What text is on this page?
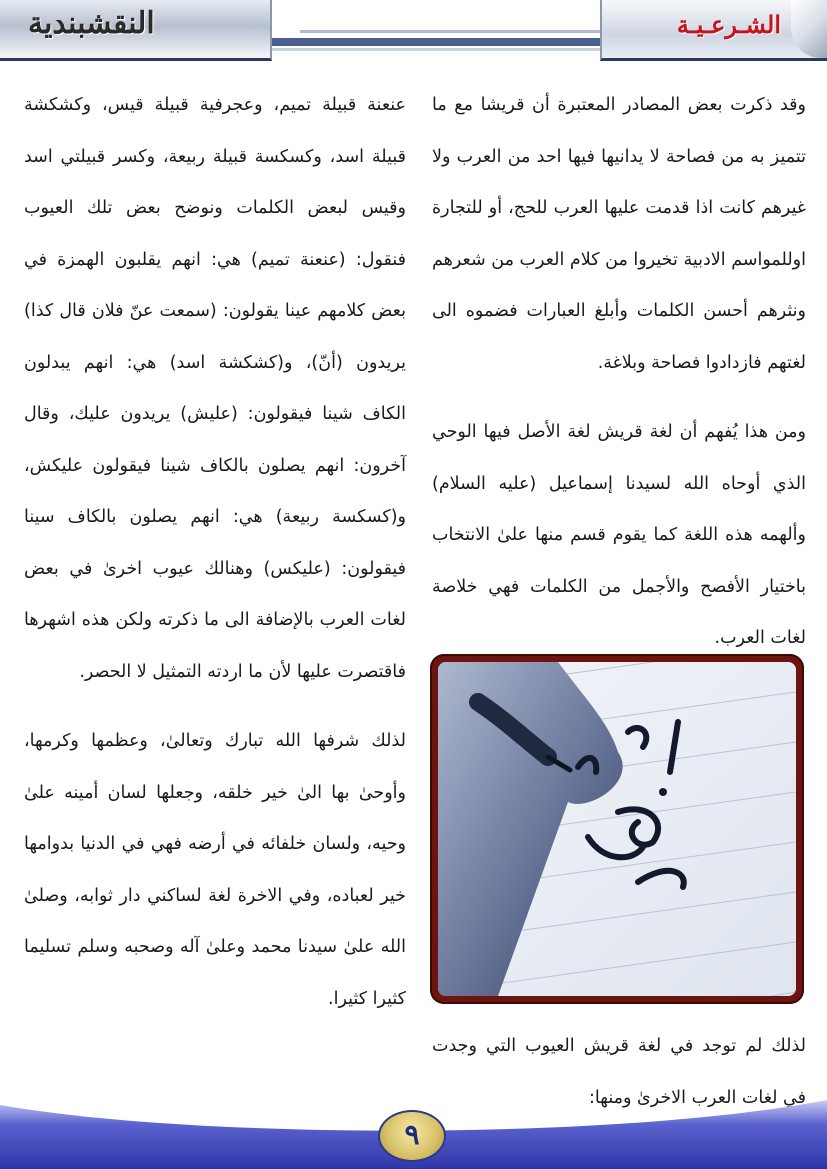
النقشبندية	الشـرعـيـة

وقد ذكرت بعض المصادر المعتبرة أن قريشا مع ما تتميز به من فصاحة لا يدانيها فيها احد من العرب ولا غيرهم كانت اذا قدمت عليها العرب للحج، أو للتجارة اوللمواسم الادبية تخيروا من كلام العرب من شعرهم ونثرهم أحسن الكلمات وأبلغ العبارات فضموه الى لغتهم فازدادوا فصاحة وبلاغة.

ومن هذا يُفهم أن لغة قريش لغة الأصل فيها الوحي الذي أوحاه الله لسيدنا إسماعيل (عليه السلام) وألهمه هذه اللغة كما يقوم قسم منها علىٰ الانتخاب باختيار الأفصح والأجمل من الكلمات فهي خلاصة لغات العرب.

لذلك لم توجد في لغة قريش العيوب التي وجدت في لغات العرب الاخرىٰ ومنها:

عنعنة قبيلة تميم، وعجرفية قبيلة قيس، وكشكشة قبيلة اسد، وكسكسة قبيلة ربيعة، وكسر قبيلتي اسد وقيس لبعض الكلمات ونوضح بعض تلك العيوب فنقول: (عنعنة تميم) هي: انهم يقلبون الهمزة في بعض كلامهم عينا يقولون: (سمعت عنّ فلان قال كذا) يريدون (أنّ)، و(كشكشة اسد) هي: انهم يبدلون الكاف شينا فيقولون: (عليش) يريدون عليك، وقال آخرون: انهم يصلون بالكاف شينا فيقولون عليكش، و(كسكسة ربيعة) هي: انهم يصلون بالكاف سينا فيقولون: (عليكس) وهنالك عيوب اخرىٰ في بعض لغات العرب بالإضافة الى ما ذكرته ولكن هذه اشهرها فاقتصرت عليها لأن ما اردته التمثيل لا الحصر.

لذلك شرفها الله تبارك وتعالىٰ، وعظمها وكرمها، وأوحىٰ بها الىٰ خير خلقه، وجعلها لسان أمينه علىٰ وحيه، ولسان خلفائه في أرضه فهي في الدنيا بدوامها خير لعباده، وفي الاخرة لغة لساكني دار ثوابه، وصلىٰ الله علىٰ سيدنا محمد وعلىٰ آله وصحبه وسلم تسليما كثيرا كثيرا.

٩
